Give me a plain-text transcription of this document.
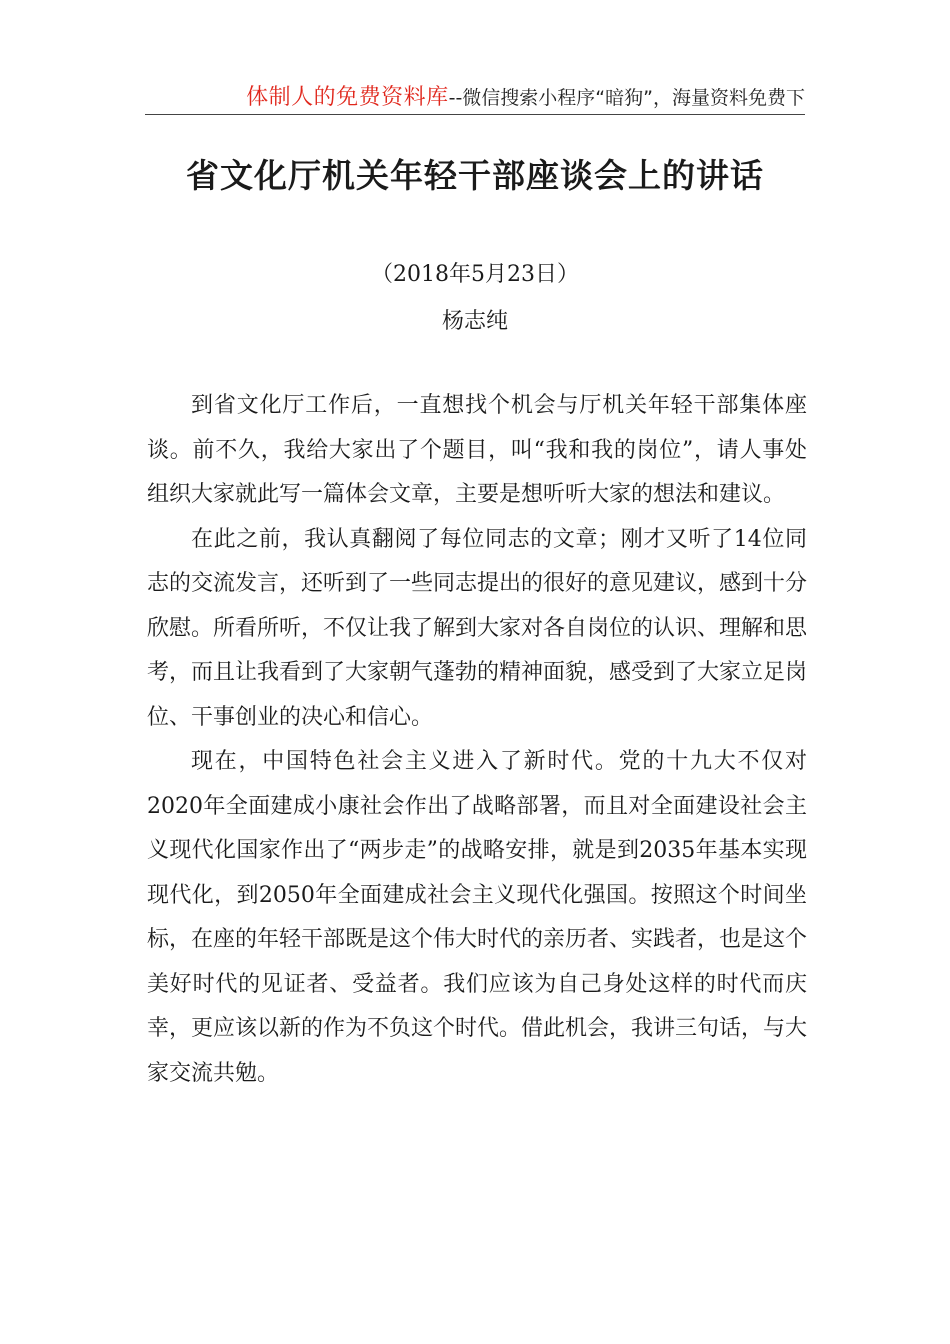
体制人的免费资料库--微信搜索小程序“暗狗”，海量资料免费下
省文化厅机关年轻干部座谈会上的讲话
（2018年5月23日）
杨志纯

到省文化厅工作后，一直想找个机会与厅机关年轻干部集体座谈。前不久，我给大家出了个题目，叫“我和我的岗位”，请人事处组织大家就此写一篇体会文章，主要是想听听大家的想法和建议。

在此之前，我认真翻阅了每位同志的文章；刚才又听了14位同志的交流发言，还听到了一些同志提出的很好的意见建议，感到十分欣慰。所看所听，不仅让我了解到大家对各自岗位的认识、理解和思考，而且让我看到了大家朝气蓬勃的精神面貌，感受到了大家立足岗位、干事创业的决心和信心。

现在，中国特色社会主义进入了新时代。党的十九大不仅对2020年全面建成小康社会作出了战略部署，而且对全面建设社会主义现代化国家作出了“两步走”的战略安排，就是到2035年基本实现现代化，到2050年全面建成社会主义现代化强国。按照这个时间坐标，在座的年轻干部既是这个伟大时代的亲历者、实践者，也是这个美好时代的见证者、受益者。我们应该为自己身处这样的时代而庆幸，更应该以新的作为不负这个时代。借此机会，我讲三句话，与大家交流共勉。
